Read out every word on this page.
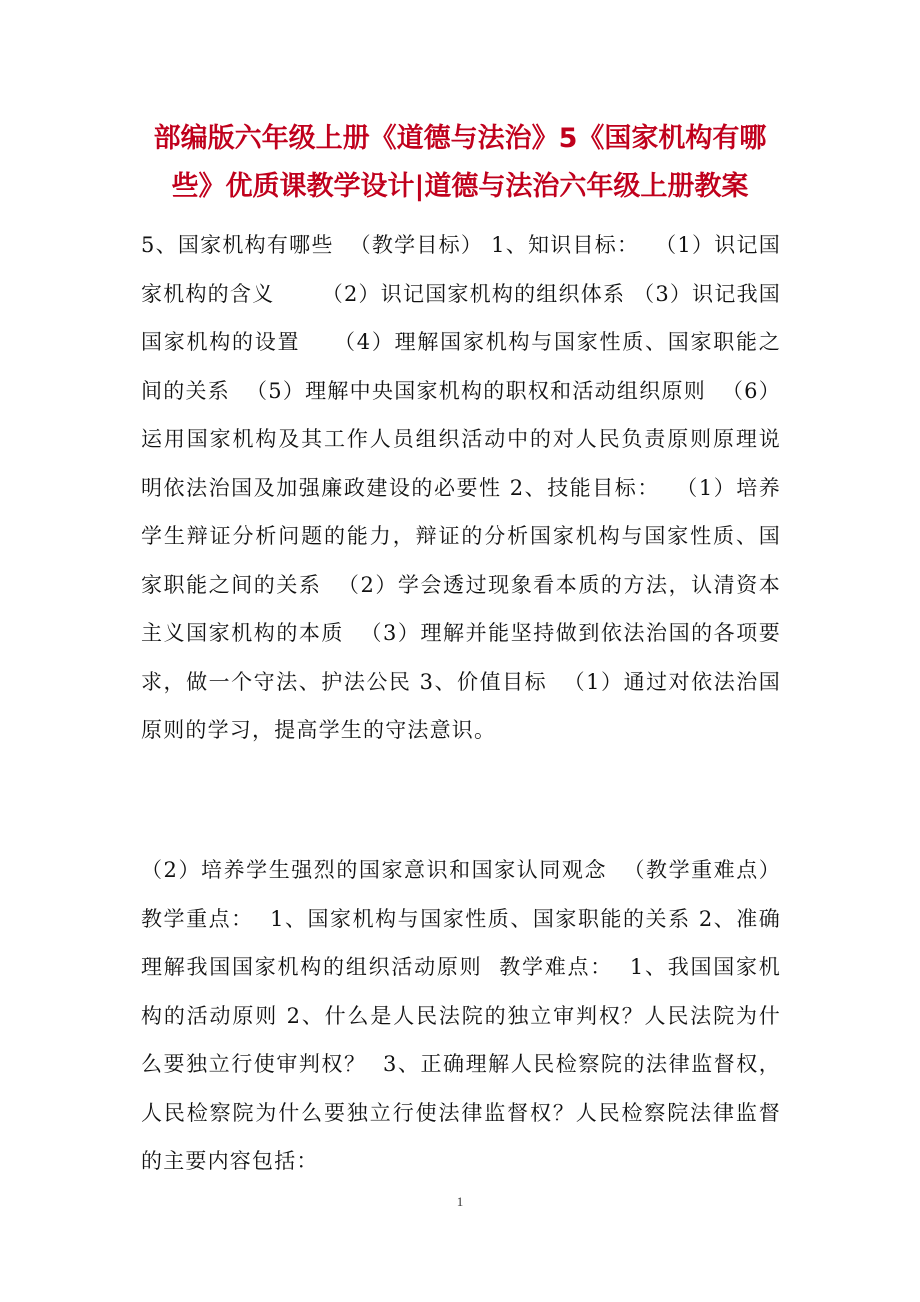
部编版六年级上册《道德与法治》5《国家机构有哪些》优质课教学设计|道德与法治六年级上册教案

5、国家机构有哪些  （教学目标） 1、知识目标：  （1）识记国家机构的含义      （2）识记国家机构的组织体系 （3）识记我国国家机构的设置    （4）理解国家机构与国家性质、国家职能之间的关系  （5）理解中央国家机构的职权和活动组织原则  （6）运用国家机构及其工作人员组织活动中的对人民负责原则原理说明依法治国及加强廉政建设的必要性 2、技能目标：  （1）培养学生辩证分析问题的能力，辩证的分析国家机构与国家性质、国家职能之间的关系  （2）学会透过现象看本质的方法，认清资本主义国家机构的本质  （3）理解并能坚持做到依法治国的各项要求，做一个守法、护法公民 3、价值目标  （1）通过对依法治国原则的学习，提高学生的守法意识。

（2）培养学生强烈的国家意识和国家认同观念  （教学重难点）  教学重点：  1、国家机构与国家性质、国家职能的关系 2、准确理解我国国家机构的组织活动原则  教学难点：  1、我国国家机构的活动原则 2、什么是人民法院的独立审判权？人民法院为什么要独立行使审判权？  3、正确理解人民检察院的法律监督权，人民检察院为什么要独立行使法律监督权？人民检察院法律监督的主要内容包括：

1
